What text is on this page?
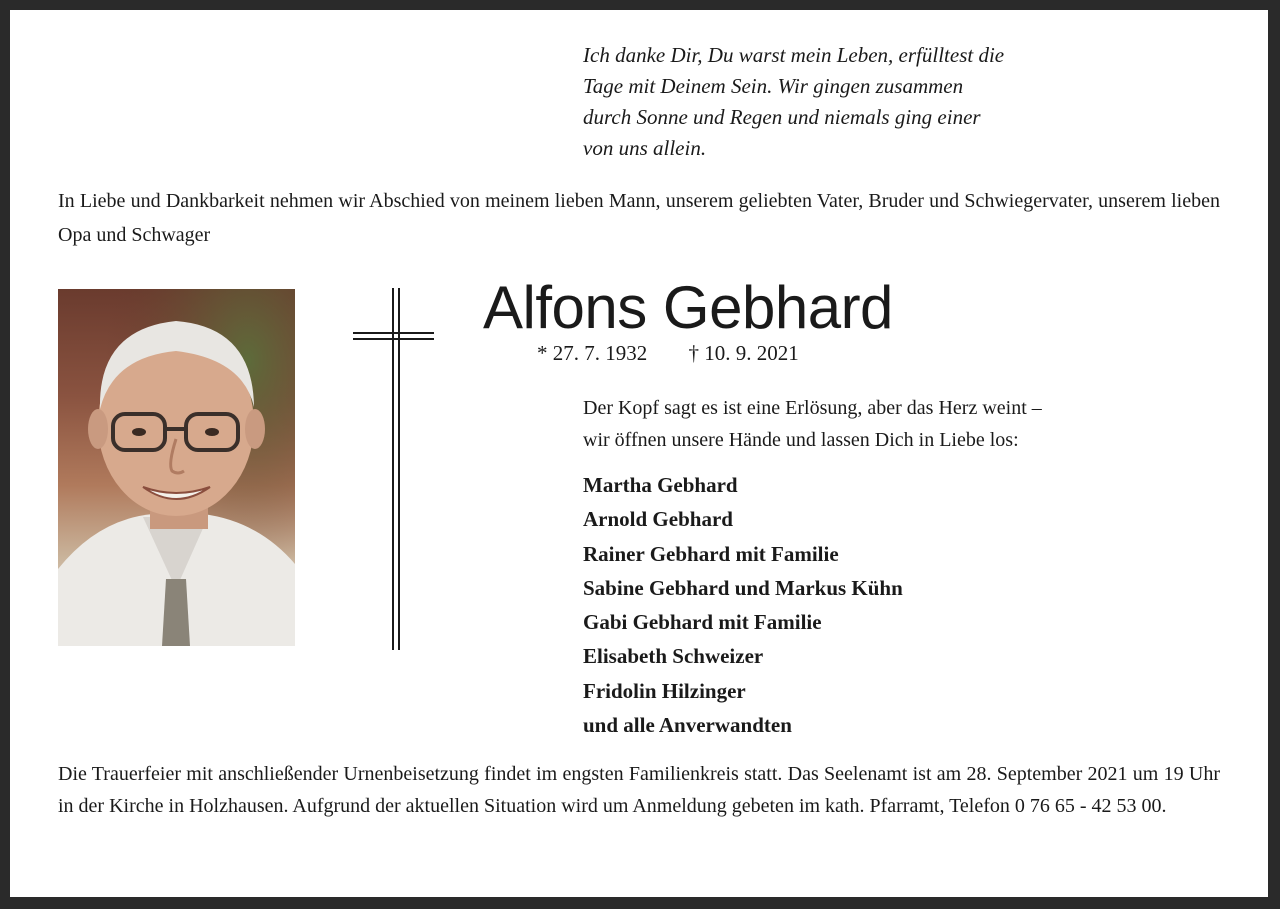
Ich danke Dir, Du warst mein Leben, erfülltest die
Tage mit Deinem Sein. Wir gingen zusammen
durch Sonne und Regen und niemals ging einer
von uns allein.
In Liebe und Dankbarkeit nehmen wir Abschied von meinem lieben Mann, unserem geliebten Vater, Bruder und Schwiegervater, unserem lieben Opa und Schwager
Alfons Gebhard
* 27. 7. 1932 † 10. 9. 2021
Der Kopf sagt es ist eine Erlösung, aber das Herz weint –
wir öffnen unsere Hände und lassen Dich in Liebe los:
Martha Gebhard
Arnold Gebhard
Rainer Gebhard mit Familie
Sabine Gebhard und Markus Kühn
Gabi Gebhard mit Familie
Elisabeth Schweizer
Fridolin Hilzinger
und alle Anverwandten
Die Trauerfeier mit anschließender Urnenbeisetzung findet im engsten Familienkreis statt. Das Seelenamt ist am 28. September 2021 um 19 Uhr in der Kirche in Holzhausen. Aufgrund der aktuellen Situation wird um Anmeldung gebeten im kath. Pfarramt, Telefon 0 76 65 - 42 53 00.
